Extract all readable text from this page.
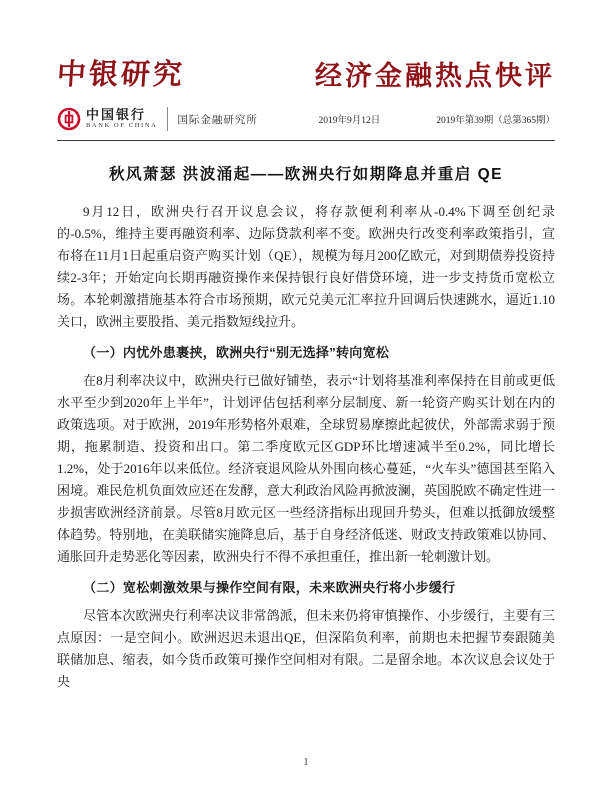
中银研究	经济金融热点快评
中国银行
BANK OF CHINA
国际金融研究所	2019年9月12日	2019年第39期（总第365期）
秋风萧瑟 洪波涌起——欧洲央行如期降息并重启 QE

9月12日，欧洲央行召开议息会议，将存款便利利率从-0.4%下调至创纪录的-0.5%，维持主要再融资利率、边际贷款利率不变。欧洲央行改变利率政策指引，宣布将在11月1日起重启资产购买计划（QE），规模为每月200亿欧元，对到期债券投资持续2-3年；开始定向长期再融资操作来保持银行良好借贷环境，进一步支持货币宽松立场。本轮刺激措施基本符合市场预期，欧元兑美元汇率拉升回调后快速跳水，逼近1.10关口，欧洲主要股指、美元指数短线拉升。

（一）内忧外患裹挟，欧洲央行“别无选择”转向宽松

在8月利率决议中，欧洲央行已做好铺垫，表示“计划将基准利率保持在目前或更低水平至少到2020年上半年”，计划评估包括利率分层制度、新一轮资产购买计划在内的政策选项。对于欧洲，2019年形势格外艰难，全球贸易摩擦此起彼伏，外部需求弱于预期，拖累制造、投资和出口。第二季度欧元区GDP环比增速减半至0.2%，同比增长1.2%，处于2016年以来低位。经济衰退风险从外围向核心蔓延，“火车头”德国甚至陷入困境。难民危机负面效应还在发酵，意大利政治风险再掀波澜，英国脱欧不确定性进一步损害欧洲经济前景。尽管8月欧元区一些经济指标出现回升势头，但难以抵御放缓整体趋势。特别地，在美联储实施降息后，基于自身经济低迷、财政支持政策难以协同、通胀回升走势恶化等因素，欧洲央行不得不承担重任，推出新一轮刺激计划。

（二）宽松刺激效果与操作空间有限，未来欧洲央行将小步缓行

尽管本次欧洲央行利率决议非常鸽派，但未来仍将审慎操作、小步缓行，主要有三点原因：一是空间小。欧洲迟迟未退出QE，但深陷负利率，前期也未把握节奏跟随美联储加息、缩表，如今货币政策可操作空间相对有限。二是留余地。本次议息会议处于央

1
